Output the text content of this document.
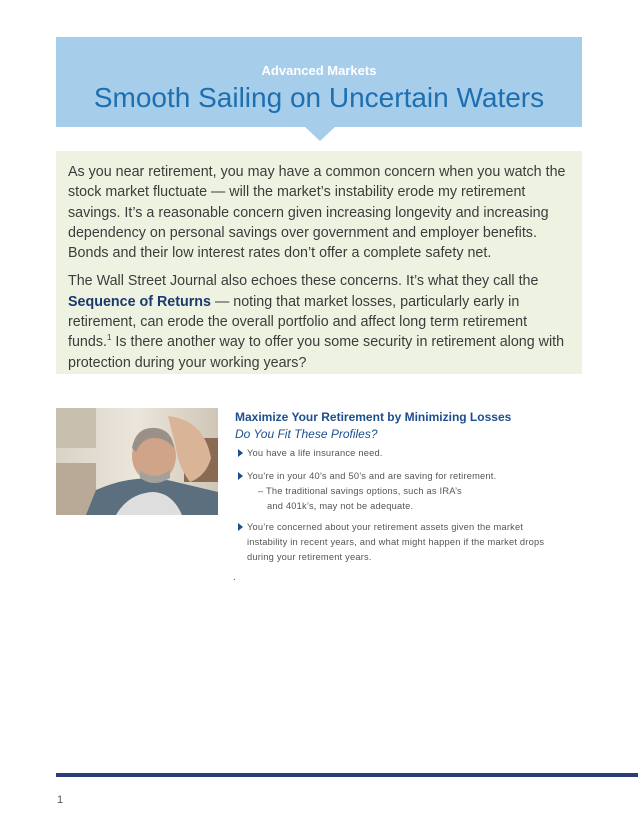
Advanced Markets
Smooth Sailing on Uncertain Waters

As you near retirement, you may have a common concern when you watch the stock market fluctuate — will the market’s instability erode my retirement savings. It’s a reasonable concern given increasing longevity and increasing dependency on personal savings over government and employer benefits. Bonds and their low interest rates don’t offer a complete safety net.

The Wall Street Journal also echoes these concerns. It’s what they call the Sequence of Returns — noting that market losses, particularly early in retirement, can erode the overall portfolio and affect long term retirement funds.$^1$ Is there another way to offer you some security in retirement along with protection during your working years?

Maximize Your Retirement by Minimizing Losses
Do You Fit These Profiles?
You have a life insurance need.
You’re in your 40’s and 50’s and are saving for retirement.
– The traditional savings options, such as IRA’s
and 401k’s, may not be adequate.
You’re concerned about your retirement assets given the market
instability in recent years, and what might happen if the market drops
during your retirement years.
.
1
